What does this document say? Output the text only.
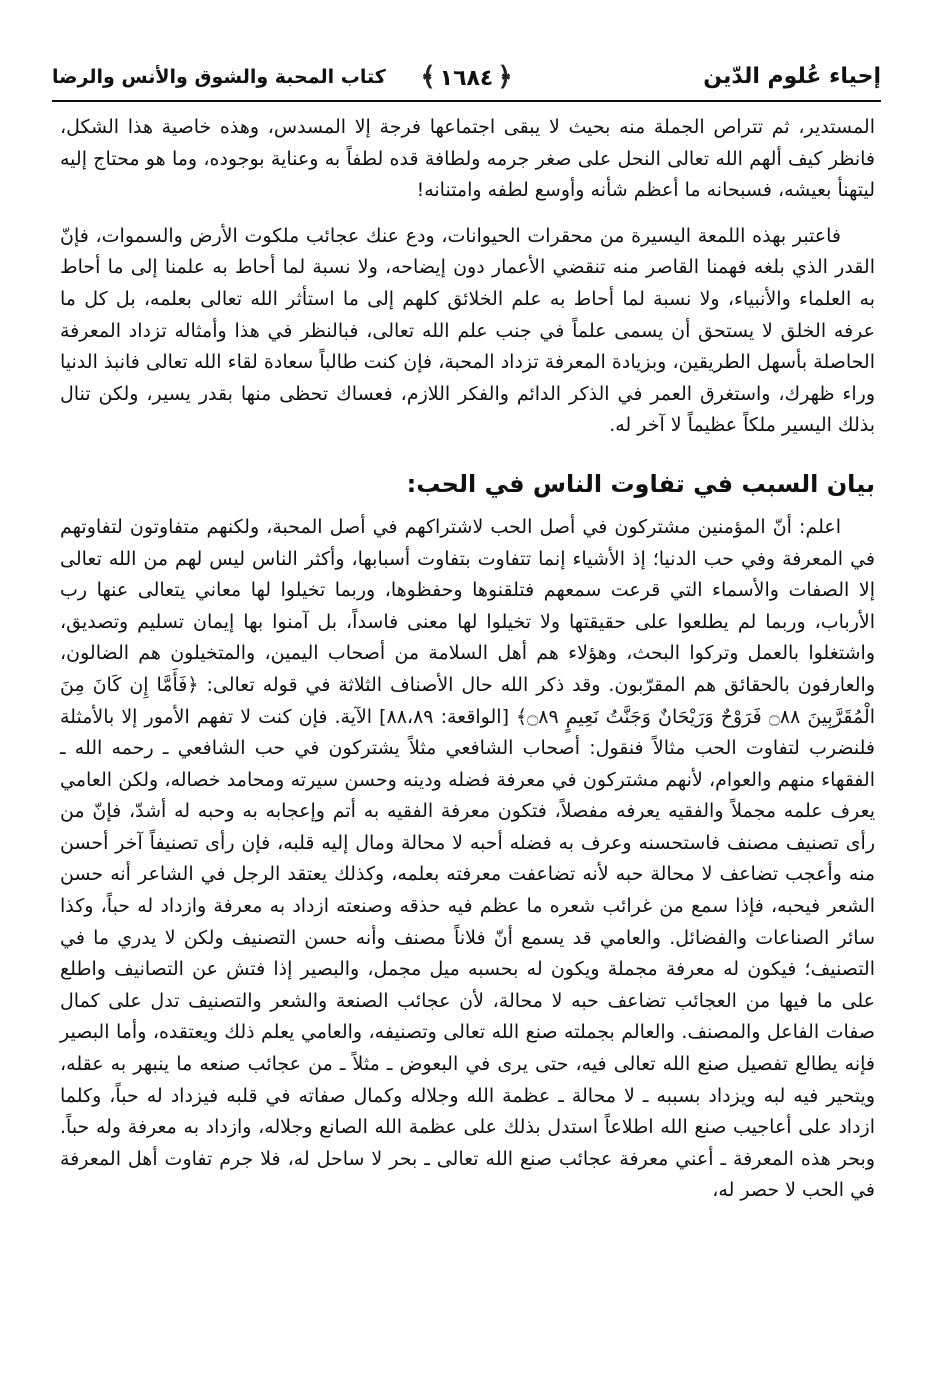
إحياء عُلوم الدّين
﴿١٦٨٤﴾
كتاب المحبة والشوق والأنس والرضا

المستدير، ثم تتراص الجملة منه بحيث لا يبقى اجتماعها فرجة إلا المسدس، وهذه خاصية هذا الشكل، فانظر كيف ألهم الله تعالى النحل على صغر جرمه ولطافة قده لطفاً به وعناية بوجوده، وما هو محتاج إليه ليتهنأ بعيشه، فسبحانه ما أعظم شأنه وأوسع لطفه وامتنانه!

فاعتبر بهذه اللمعة اليسيرة من محقرات الحيوانات، ودع عنك عجائب ملكوت الأرض والسموات، فإنّ القدر الذي بلغه فهمنا القاصر منه تنقضي الأعمار دون إيضاحه، ولا نسبة لما أحاط به علمنا إلى ما أحاط به العلماء والأنبياء، ولا نسبة لما أحاط به علم الخلائق كلهم إلى ما استأثر الله تعالى بعلمه، بل كل ما عرفه الخلق لا يستحق أن يسمى علماً في جنب علم الله تعالى، فبالنظر في هذا وأمثاله تزداد المعرفة الحاصلة بأسهل الطريقين، وبزيادة المعرفة تزداد المحبة، فإن كنت طالباً سعادة لقاء الله تعالى فانبذ الدنيا وراء ظهرك، واستغرق العمر في الذكر الدائم والفكر اللازم، فعساك تحظى منها بقدر يسير، ولكن تنال بذلك اليسير ملكاً عظيماً لا آخر له.

بيان السبب في تفاوت الناس في الحب:

اعلم: أنّ المؤمنين مشتركون في أصل الحب لاشتراكهم في أصل المحبة، ولكنهم متفاوتون لتفاوتهم في المعرفة وفي حب الدنيا؛ إذ الأشياء إنما تتفاوت بتفاوت أسبابها، وأكثر الناس ليس لهم من الله تعالى إلا الصفات والأسماء التي قرعت سمعهم فتلقنوها وحفظوها، وربما تخيلوا لها معاني يتعالى عنها رب الأرباب، وربما لم يطلعوا على حقيقتها ولا تخيلوا لها معنى فاسداً، بل آمنوا بها إيمان تسليم وتصديق، واشتغلوا بالعمل وتركوا البحث، وهؤلاء هم أهل السلامة من أصحاب اليمين، والمتخيلون هم الضالون، والعارفون بالحقائق هم المقرّبون. وقد ذكر الله حال الأصناف الثلاثة في قوله تعالى: ﴿فَأَمَّا إِن كَانَ مِنَ الْمُقَرَّبِينَ ۝٨٨ فَرَوْحٌ وَرَيْحَانٌ وَجَنَّتُ نَعِيمٍ ۝٨٩﴾ [الواقعة: ٨٨،٨٩] الآية. فإن كنت لا تفهم الأمور إلا بالأمثلة فلنضرب لتفاوت الحب مثالاً فنقول: أصحاب الشافعي مثلاً يشتركون في حب الشافعي ـ رحمه الله ـ الفقهاء منهم والعوام، لأنهم مشتركون في معرفة فضله ودينه وحسن سيرته ومحامد خصاله، ولكن العامي يعرف علمه مجملاً والفقيه يعرفه مفصلاً، فتكون معرفة الفقيه به أتم وإعجابه به وحبه له أشدّ، فإنّ من رأى تصنيف مصنف فاستحسنه وعرف به فضله أحبه لا محالة ومال إليه قلبه، فإن رأى تصنيفاً آخر أحسن منه وأعجب تضاعف لا محالة حبه لأنه تضاعفت معرفته بعلمه، وكذلك يعتقد الرجل في الشاعر أنه حسن الشعر فيحبه، فإذا سمع من غرائب شعره ما عظم فيه حذقه وصنعته ازداد به معرفة وازداد له حباً، وكذا سائر الصناعات والفضائل. والعامي قد يسمع أنّ فلاناً مصنف وأنه حسن التصنيف ولكن لا يدري ما في التصنيف؛ فيكون له معرفة مجملة ويكون له بحسبه ميل مجمل، والبصير إذا فتش عن التصانيف واطلع على ما فيها من العجائب تضاعف حبه لا محالة، لأن عجائب الصنعة والشعر والتصنيف تدل على كمال صفات الفاعل والمصنف. والعالم بجملته صنع الله تعالى وتصنيفه، والعامي يعلم ذلك ويعتقده، وأما البصير فإنه يطالع تفصيل صنع الله تعالى فيه، حتى يرى في البعوض ـ مثلاً ـ من عجائب صنعه ما ينبهر به عقله، ويتحير فيه لبه ويزداد بسببه ـ لا محالة ـ عظمة الله وجلاله وكمال صفاته في قلبه فيزداد له حباً، وكلما ازداد على أعاجيب صنع الله اطلاعاً استدل بذلك على عظمة الله الصانع وجلاله، وازداد به معرفة وله حباً. وبحر هذه المعرفة ـ أعني معرفة عجائب صنع الله تعالى ـ بحر لا ساحل له، فلا جرم تفاوت أهل المعرفة في الحب لا حصر له،
